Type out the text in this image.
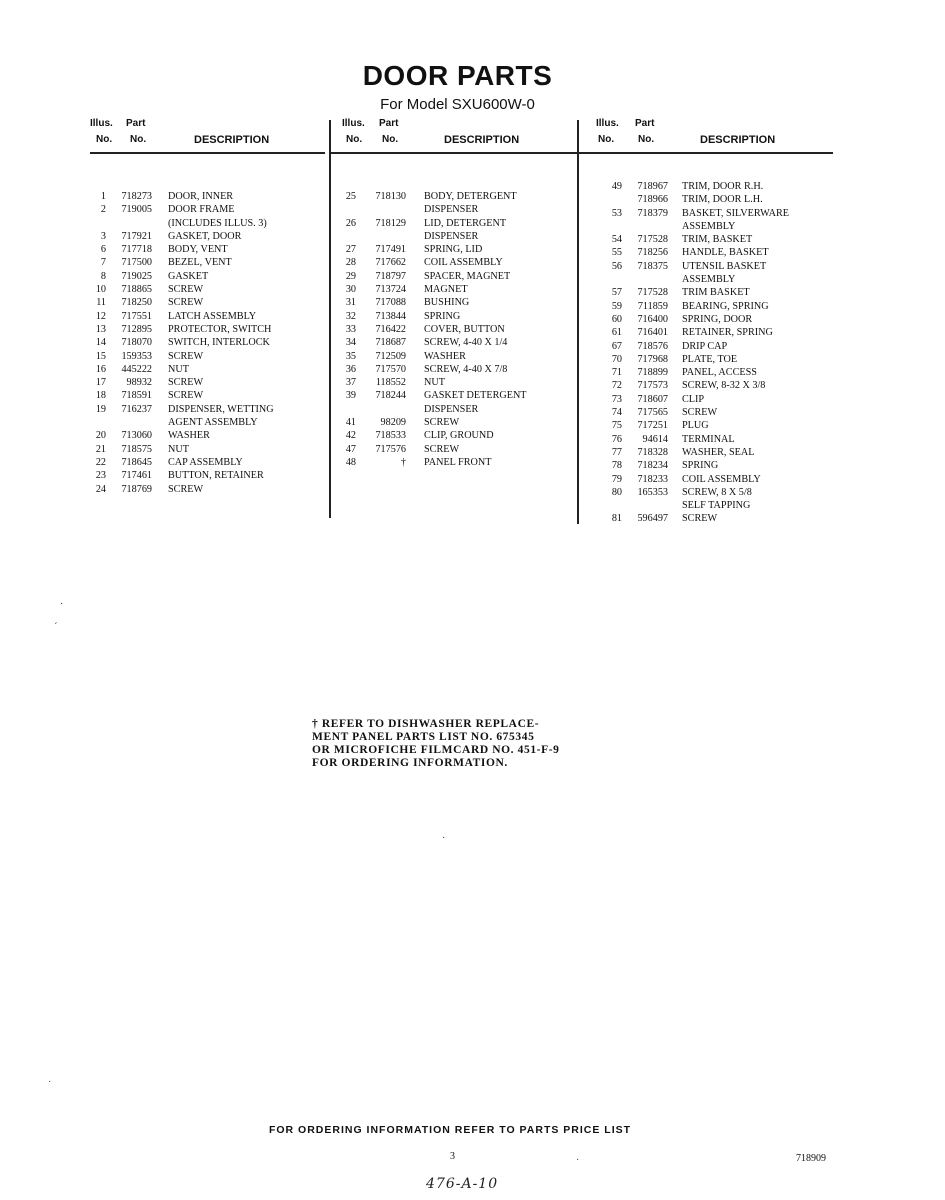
DOOR PARTS
For Model SXU600W-0
Illus. Part
No. No.	DESCRIPTION
1	718273 DOOR, INNER
2	719005 DOOR FRAME
(INCLUDES ILLUS. 3)
3	717921 GASKET, DOOR
6	717718 BODY, VENT
7	717500 BEZEL, VENT
8	719025 GASKET
10	718865 SCREW
11	718250 SCREW
12	717551 LATCH ASSEMBLY
13	712895 PROTECTOR, SWITCH
14	718070 SWITCH, INTERLOCK
15	159353 SCREW
16	445222 NUT
17	98932 SCREW
18	718591 SCREW
19	716237 DISPENSER, WETTING
AGENT ASSEMBLY
20	713060 WASHER
21	718575 NUT
22	718645 CAP ASSEMBLY
23	717461 BUTTON, RETAINER
24	718769 SCREW
Illus. Part
No. No.	DESCRIPTION
25	718130 BODY, DETERGENT
DISPENSER
26	718129 LID, DETERGENT
DISPENSER
27	717491 SPRING, LID
28	717662 COIL ASSEMBLY
29	718797 SPACER, MAGNET
30	713724 MAGNET
31	717088 BUSHING
32	713844 SPRING
33	716422 COVER, BUTTON
34	718687 SCREW, 4-40 X 1/4
35	712509 WASHER
36	717570 SCREW, 4-40 X 7/8
37	118552 NUT
39	718244 GASKET DETERGENT
DISPENSER
41	98209 SCREW
42	718533 CLIP, GROUND
47	717576 SCREW
48	† PANEL FRONT
Illus. Part
No. No.	DESCRIPTION
49	718967 TRIM, DOOR R.H.
718966 TRIM, DOOR L.H.
53	718379 BASKET, SILVERWARE
ASSEMBLY
54	717528 TRIM, BASKET
55	718256 HANDLE, BASKET
56	718375 UTENSIL BASKET
ASSEMBLY
57	717528 TRIM BASKET
59	711859 BEARING, SPRING
60	716400 SPRING, DOOR
61	716401 RETAINER, SPRING
67	718576 DRIP CAP
70	717968 PLATE, TOE
71	718899 PANEL, ACCESS
72	717573 SCREW, 8-32 X 3/8
73	718607 CLIP
74	717565 SCREW
75	717251 PLUG
76	94614 TERMINAL
77	718328 WASHER, SEAL
78	718234 SPRING
79	718233 COIL ASSEMBLY
80	165353 SCREW, 8 X 5/8
SELF TAPPING
81	596497 SCREW

† REFER TO DISHWASHER REPLACE-

MENT PANEL PARTS LIST NO. 675345

OR MICROFICHE FILMCARD NO. 451-F-9

FOR ORDERING INFORMATION.

FOR ORDERING INFORMATION REFER TO PARTS PRICE LIST
3	718909
476-A-10
·
ˏ
·
·
·
